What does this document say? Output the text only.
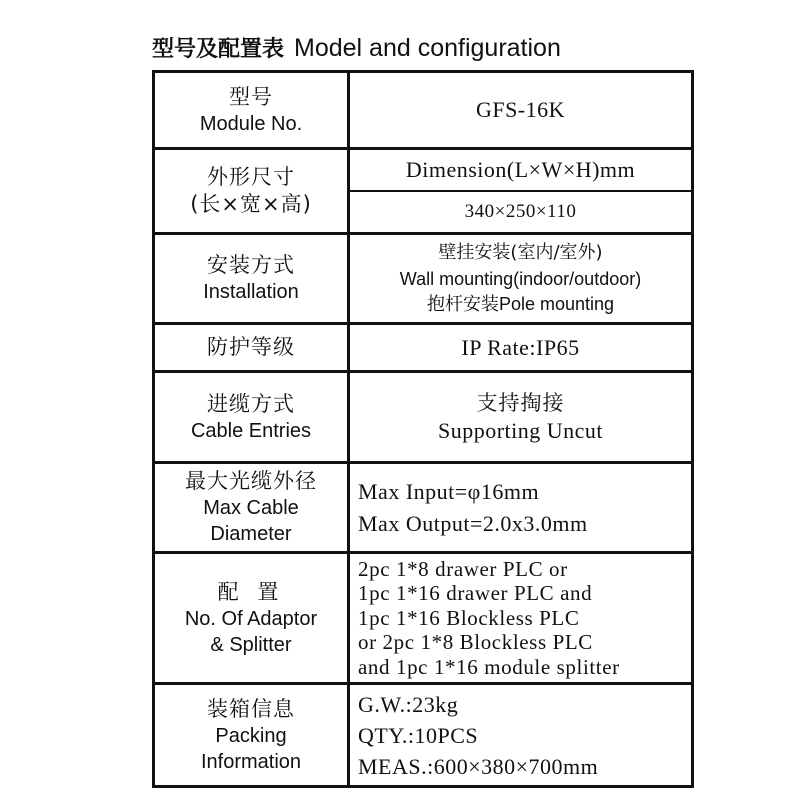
型号及配置表 Model and configuration
型号
Module No.
GFS-16K
外形尺寸
(长×宽×高)
Dimension(L×W×H)mm
340×250×110
安装方式
Installation
壁挂安装(室内/室外)
Wall mounting(indoor/outdoor)
抱杆安装 Pole mounting
防护等级	IP Rate:IP65
进缆方式
Cable Entries
支持掏接
Supporting Uncut
最大光缆外径
Max Cable
Diameter
Max Input=φ16mm
Max Output=2.0x3.0mm
配 置
No. Of Adaptor
& Splitter
2pc 1*8 drawer PLC or
1pc 1*16 drawer PLC and
1pc 1*16 Blockless PLC
or 2pc 1*8 Blockless PLC
and 1pc 1*16 module splitter
装箱信息
Packing
Information
G.W.:23kg
QTY.:10PCS
MEAS.:600×380×700mm
